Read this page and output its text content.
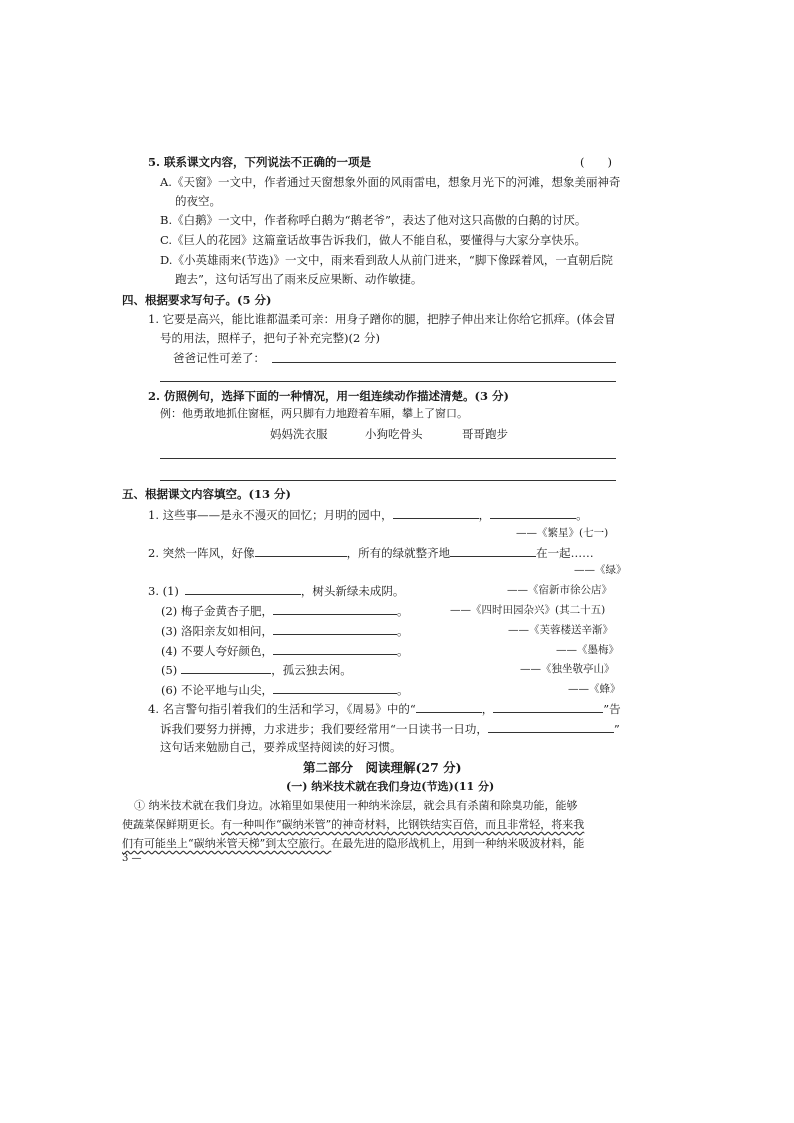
5. 联系课文内容，下列说法不正确的一项是	(　　)
A.《天窗》一文中，作者通过天窗想象外面的风雨雷电，想象月光下的河滩，想象美丽神奇
的夜空。
B.《白鹅》一文中，作者称呼白鹅为“鹅老爷”，表达了他对这只高傲的白鹅的讨厌。
C.《巨人的花园》这篇童话故事告诉我们，做人不能自私，要懂得与大家分享快乐。
D.《小英雄雨来(节选)》一文中，雨来看到敌人从前门进来，“脚下像踩着风，一直朝后院
跑去”，这句话写出了雨来反应果断、动作敏捷。
四、根据要求写句子。(5 分)
1. 它要是高兴，能比谁都温柔可亲：用身子蹭你的腿，把脖子伸出来让你给它抓痒。(体会冒
号的用法，照样子，把句子补充完整)(2 分)
爸爸记性可差了：
2. 仿照例句，选择下面的一种情况，用一组连续动作描述清楚。(3 分)
例：他勇敢地抓住窗框，两只脚有力地蹬着车厢，攀上了窗口。
妈妈洗衣服	小狗吃骨头	哥哥跑步
五、根据课文内容填空。(13 分)
1. 这些事——是永不漫灭的回忆；月明的园中，	，	。
——《繁星》(七一)
2. 突然一阵风，好像	，所有的绿就整齐地	在一起……
——《绿》
3. (1)	，树头新绿未成阴。	——《宿新市徐公店》
(2) 梅子金黄杏子肥，	。	——《四时田园杂兴》(其二十五)
(3) 洛阳亲友如相问，	。	——《芙蓉楼送辛渐》
(4) 不要人夸好颜色，	。	——《墨梅》
(5)	，孤云独去闲。	——《独坐敬亭山》
(6) 不论平地与山尖，	。	——《蜂》
4. 名言警句指引着我们的生活和学习，《周易》中的“	，	”告
诉我们要努力拼搏，力求进步；我们要经常用“一日读书一日功，	”
这句话来勉励自己，要养成坚持阅读的好习惯。
第二部分　阅读理解(27 分)
(一) 纳米技术就在我们身边(节选)(11 分)
① 纳米技术就在我们身边。冰箱里如果使用一种纳米涂层，就会具有杀菌和除臭功能，能够
使蔬菜保鲜期更长。有一种叫作“碳纳米管”的神奇材料，比钢铁结实百倍，而且非常轻，将来我
们有可能坐上“碳纳米管天梯”到太空旅行。在最先进的隐形战机上，用到一种纳米吸波材料，能
3 —
